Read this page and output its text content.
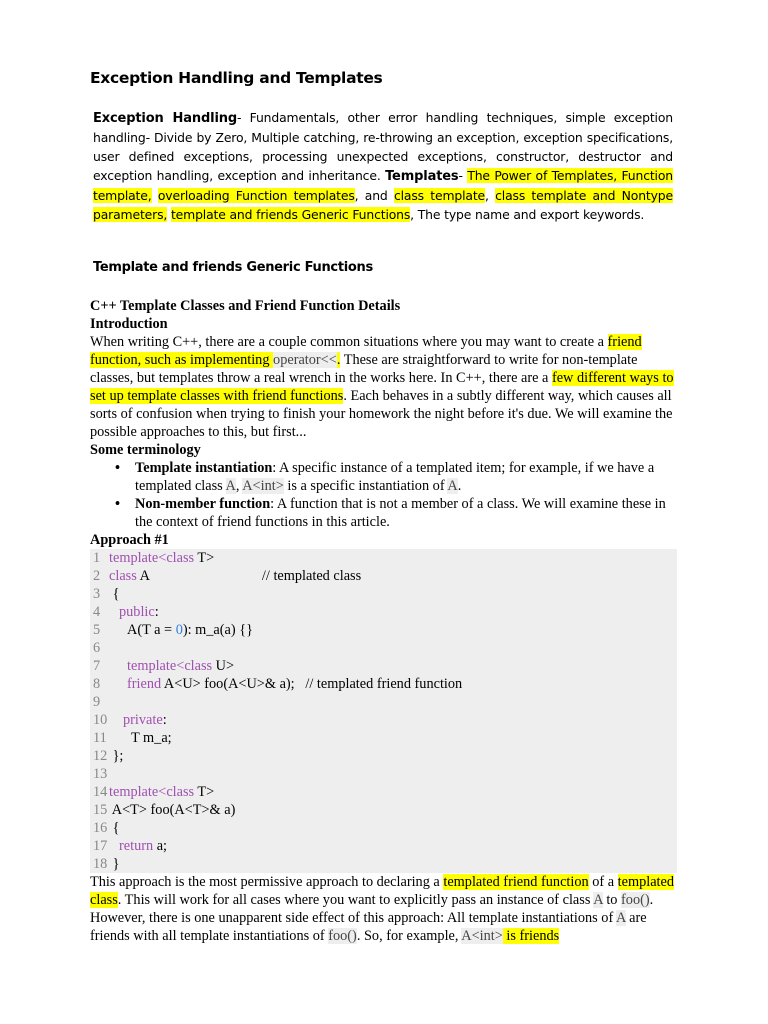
Exception Handling and Templates
Exception Handling- Fundamentals, other error handling techniques, simple exception handling- Divide by Zero, Multiple catching, re-throwing an exception, exception specifications, user defined exceptions, processing unexpected exceptions, constructor, destructor and exception handling, exception and inheritance. Templates- The Power of Templates, Function template, overloading Function templates, and class template, class template and Nontype parameters, template and friends Generic Functions, The type name and export keywords.
Template and friends Generic Functions

C++ Template Classes and Friend Function Details

Introduction

When writing C++, there are a couple common situations where you may want to create a friend function, such as implementing operator<<. These are straightforward to write for non-template classes, but templates throw a real wrench in the works here. In C++, there are a few different ways to set up template classes with friend functions. Each behaves in a subtly different way, which causes all sorts of confusion when trying to finish your homework the night before it's due. We will examine the possible approaches to this, but first...

Some terminology

• Template instantiation: A specific instance of a templated item; for example, if we have a templated class A, A<int> is a specific instantiation of A.
• Non-member function: A function that is not a member of a class. We will examine these in the context of friend functions in this article.

Approach #1

1 template<class T>
2 class A	// templated class
3 {
4 public:
5 A(T a = 0): m_a(a) {}
6
7 template<class U>
8 friend A<U> foo(A<U>& a);   // templated friend function
9
10 private:
11 T m_a;
12 };
13
14 template<class T>
15 A<T> foo(A<T>& a)
16 {
17 return a;
18 }

This approach is the most permissive approach to declaring a templated friend function of a templated class. This will work for all cases where you want to explicitly pass an instance of class A to foo().

However, there is one unapparent side effect of this approach: All template instantiations of A are friends with all template instantiations of foo(). So, for example, A<int> is friends
